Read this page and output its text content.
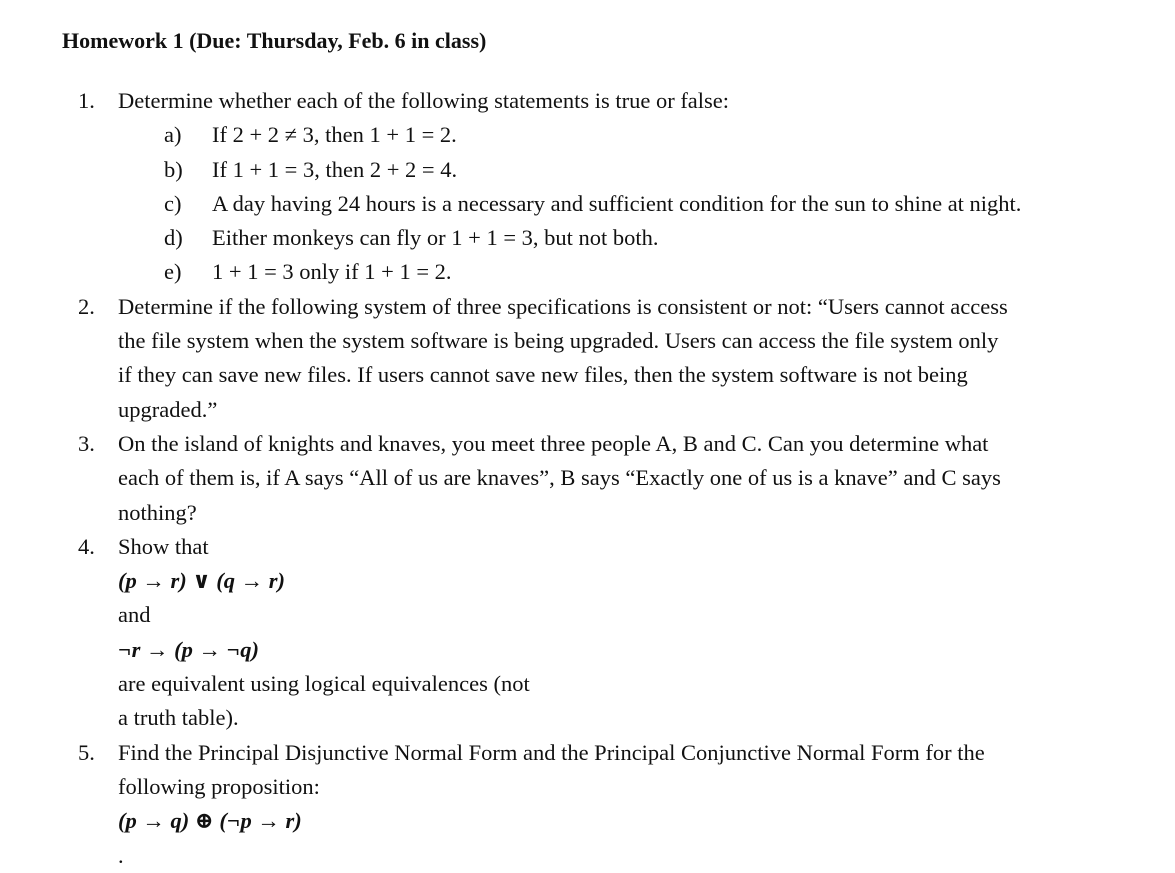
Homework 1 (Due: Thursday, Feb. 6 in class)
1.	Determine whether each of the following statements is true or false:
a)	If 2 + 2 ≠ 3, then 1 + 1 = 2.
b)	If 1 + 1 = 3, then 2 + 2 = 4.
c)	A day having 24 hours is a necessary and sufficient condition for the sun to shine at night.
d)	Either monkeys can fly or 1 + 1 = 3, but not both.
e)	1 + 1 = 3 only if 1 + 1 = 2.
2.	Determine if the following system of three specifications is consistent or not: “Users cannot access
the file system when the system software is being upgraded. Users can access the file system only
if they can save new files. If users cannot save new files, then the system software is not being
upgraded.”
3.	On the island of knights and knaves, you meet three people A, B and C. Can you determine what
each of them is, if A says “All of us are knaves”, B says “Exactly one of us is a knave” and C says
nothing?
4.	Show that
(p → r) ∨ (q → r)
and
¬r → (p → ¬q)
are equivalent using logical equivalences (not
a truth table).
5.	Find the Principal Disjunctive Normal Form and the Principal Conjunctive Normal Form for the
following proposition:
(p → q) ⊕ (¬p → r)
.
